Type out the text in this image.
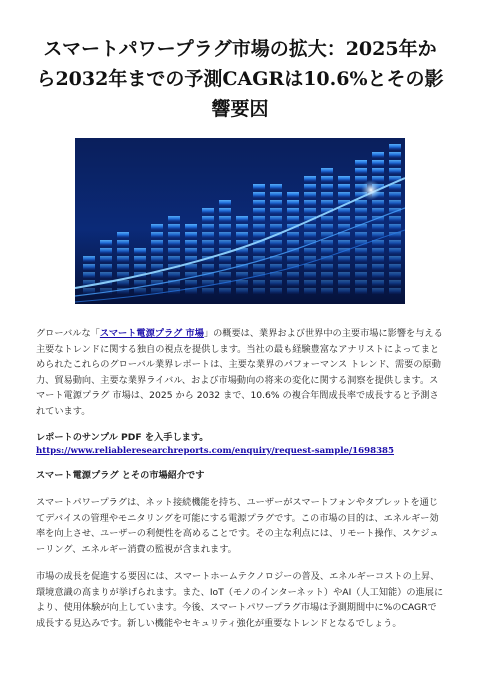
スマートパワープラグ市場の拡大：2025年から2032年までの予測CAGRは10.6%とその影響要因

グローバルな「スマート電源プラグ 市場」の概要は、業界および世界中の主要市場に影響を与える主要なトレンドに関する独自の視点を提供します。当社の最も経験豊富なアナリストによってまとめられたこれらのグローバル業界レポートは、主要な業界のパフォーマンス トレンド、需要の原動力、貿易動向、主要な業界ライバル、および市場動向の将来の変化に関する洞察を提供します。スマート電源プラグ 市場は、2025 から 2032 まで、10.6% の複合年間成長率で成長すると予測されています。

レポートのサンプル PDF を入手します。
https://www.reliableresearchreports.com/enquiry/request-sample/1698385
スマート電源プラグ とその市場紹介です

スマートパワープラグは、ネット接続機能を持ち、ユーザーがスマートフォンやタブレットを通じてデバイスの管理やモニタリングを可能にする電源プラグです。この市場の目的は、エネルギー効率を向上させ、ユーザーの利便性を高めることです。その主な利点には、リモート操作、スケジューリング、エネルギー消費の監視が含まれます。

市場の成長を促進する要因には、スマートホームテクノロジーの普及、エネルギーコストの上昇、環境意識の高まりが挙げられます。また、IoT（モノのインターネット）やAI（人工知能）の進展により、使用体験が向上しています。今後、スマートパワープラグ市場は予測期間中に%のCAGRで成長する見込みです。新しい機能やセキュリティ強化が重要なトレンドとなるでしょう。
